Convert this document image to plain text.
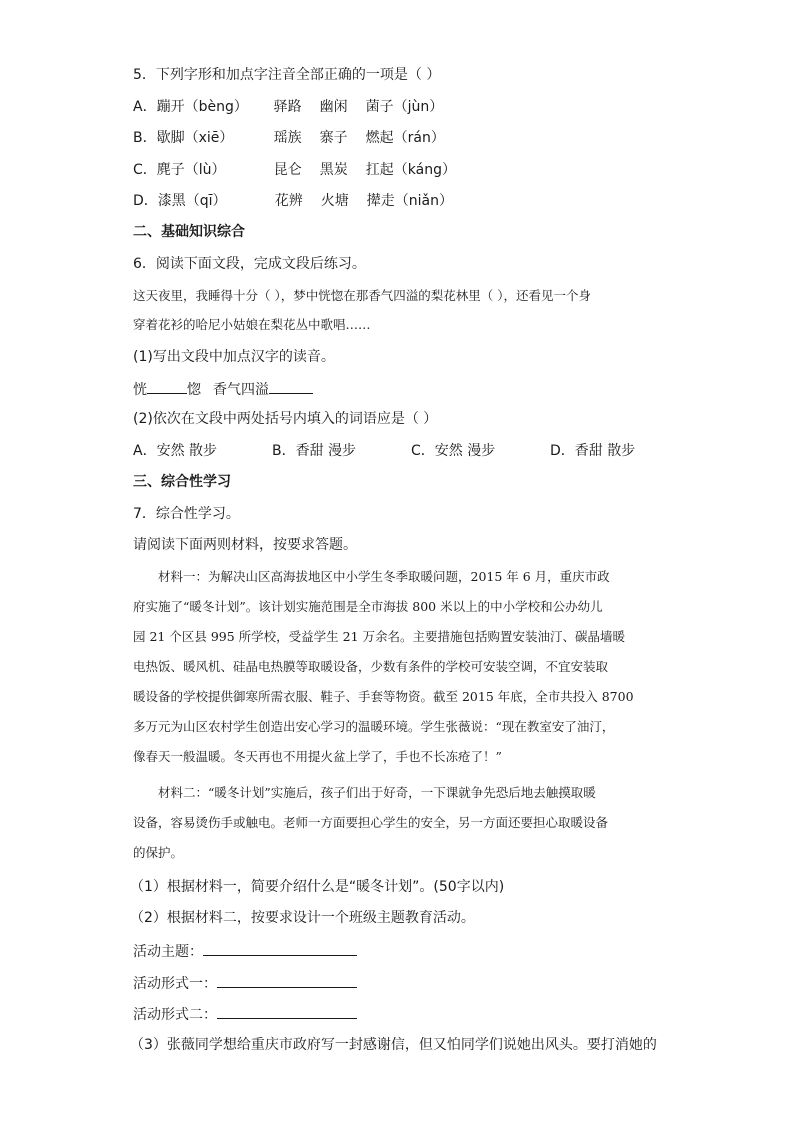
5．下列字形和加点字注音全部正确的一项是（ ）
A．蹦开（bèng） 驿路 幽闲 菌子（jùn）
B．歇脚（xiē）	瑶族 寨子 燃起（rán）
C．麂子（lù）	昆仑 黑炭 扛起（káng）
D．漆黑（qī）	花辨 火塘 撵走（niǎn）
二、基础知识综合
6．阅读下面文段，完成文段后练习。
这天夜里，我睡得十分（ ），梦中恍惚在那香气四溢的梨花林里（ ），还看见一个身
穿着花衫的哈尼小姑娘在梨花丛中歌唱……
(1)写出文段中加点汉字的读音。
恍	惚 香气四溢
(2)依次在文段中两处括号内填入的词语应是（ ）
A．安然 散步	B．香甜 漫步	C．安然 漫步	D．香甜 散步
三、综合性学习
7．综合性学习。
请阅读下面两则材料，按要求答题。
材料一：为解决山区高海拔地区中小学生冬季取暖问题，2015 年 6 月，重庆市政
府实施了“暖冬计划”。该计划实施范围是全市海拔 800 米以上的中小学校和公办幼儿
园 21 个区县 995 所学校，受益学生 21 万余名。主要措施包括购置安装油汀、碳晶墙暖
电热饭、暖风机、硅晶电热膜等取暖设备，少数有条件的学校可安装空调，不宜安装取
暖设备的学校提供御寒所需衣服、鞋子、手套等物资。截至 2015 年底，全市共投入 8700
多万元为山区农村学生创造出安心学习的温暖环境。学生张薇说：“现在教室安了油汀，
像春天一般温暖。冬天再也不用提火盆上学了，手也不长冻疮了！”
材料二：“暖冬计划”实施后，孩子们出于好奇，一下课就争先恐后地去触摸取暖
设备，容易烫伤手或触电。老师一方面要担心学生的安全，另一方面还要担心取暖设备
的保护。
（1）根据材料一，简要介绍什么是“暖冬计划”。(50字以内)
（2）根据材料二，按要求设计一个班级主题教育活动。
活动主题：
活动形式一：
活动形式二：
（3）张薇同学想给重庆市政府写一封感谢信，但又怕同学们说她出风头。要打消她的
